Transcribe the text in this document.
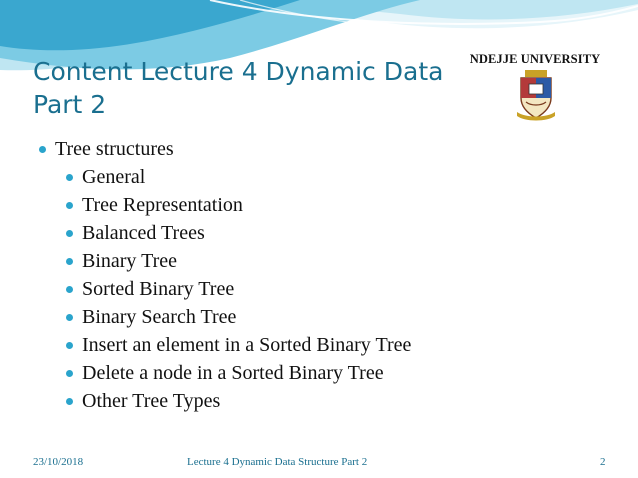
Content Lecture 4 Dynamic Data
Part 2
NDEJJE UNIVERSITY
Tree structures
General
Tree Representation
Balanced Trees
Binary Tree
Sorted Binary Tree
Binary Search Tree
Insert an element in a Sorted Binary Tree
Delete a node in a Sorted Binary Tree
Other Tree Types
23/10/2018	Lecture 4 Dynamic Data Structure Part 2	2
